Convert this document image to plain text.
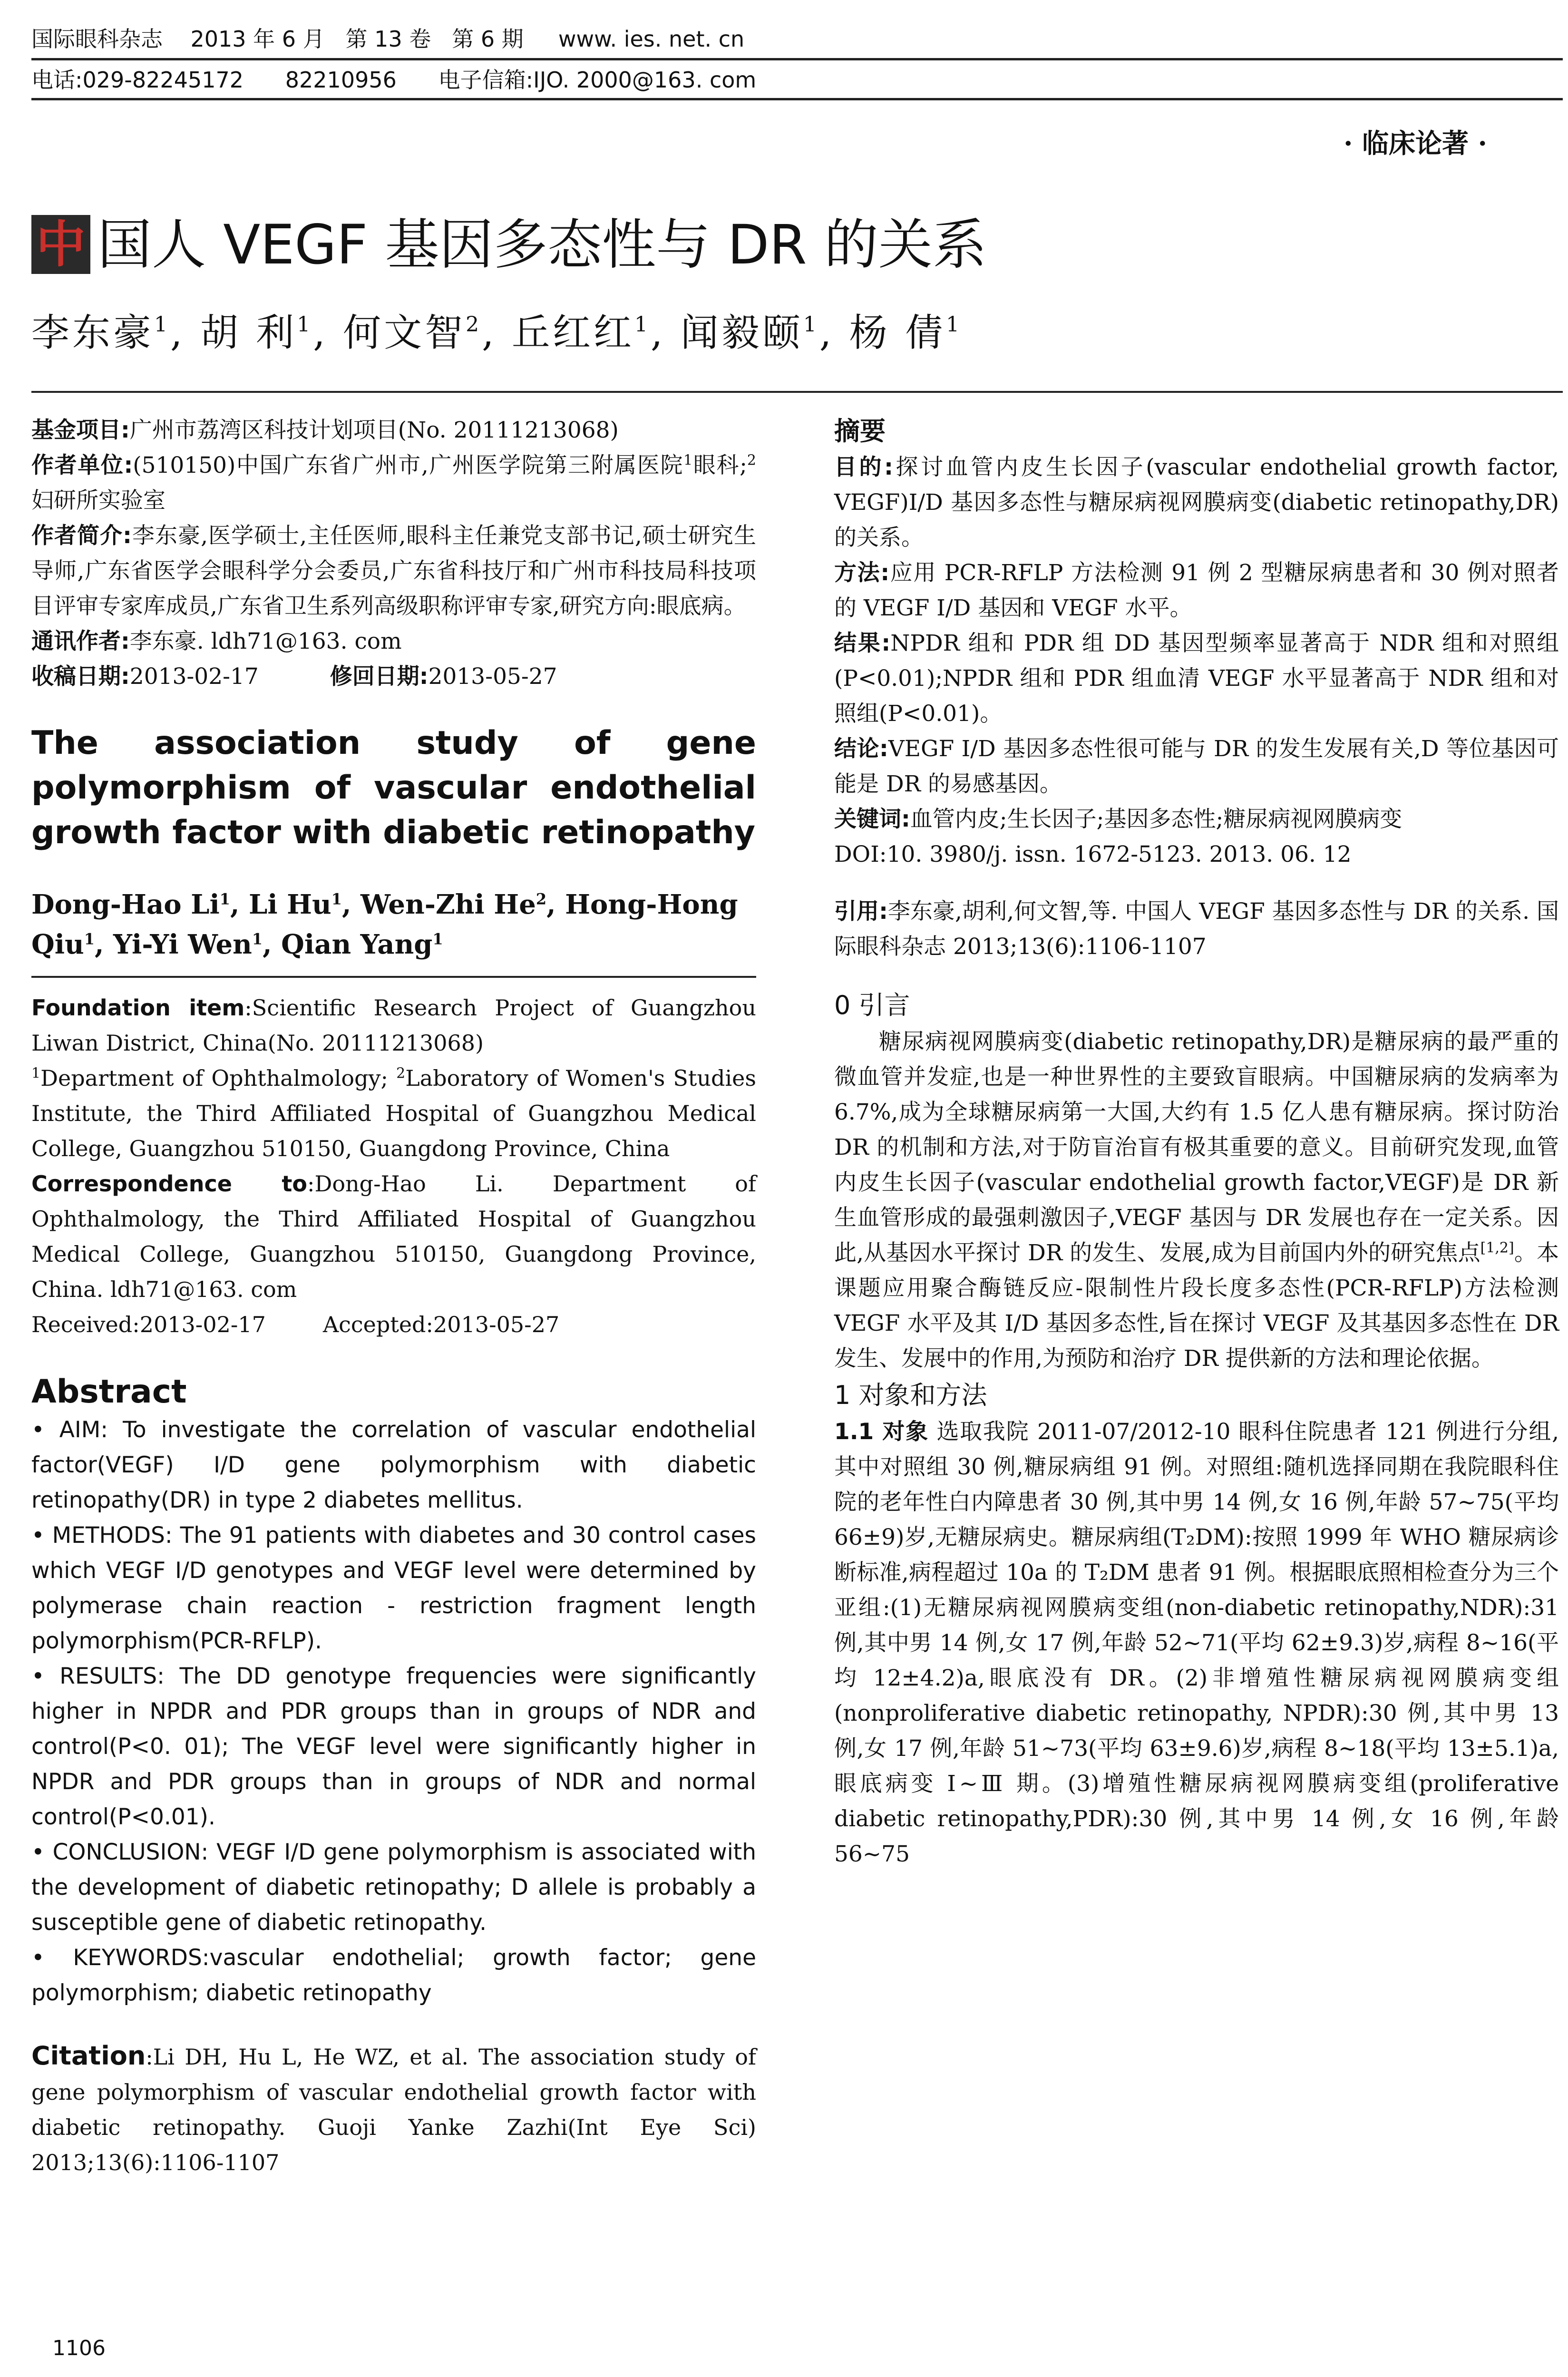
国际眼科杂志    2013 年 6 月   第 13 卷   第 6 期     www. ies. net. cn
电话:029-82245172      82210956      电子信箱:IJO. 2000@163. com
· 临床论著 ·
中 国人 VEGF 基因多态性与 DR 的关系
李东豪$^1$, 胡 利$^1$, 何文智$^2$, 丘红红$^1$, 闻毅颐$^1$, 杨 倩$^1$

基金项目:广州市荔湾区科技计划项目(No. 20111213068)

作者单位:(510150)中国广东省广州市,广州医学院第三附属医院$^1$眼科;$^2$妇研所实验室

作者简介:李东豪,医学硕士,主任医师,眼科主任兼党支部书记,硕士研究生导师,广东省医学会眼科学分会委员,广东省科技厅和广州市科技局科技项目评审专家库成员,广东省卫生系列高级职称评审专家,研究方向:眼底病。

通讯作者:李东豪. ldh71@163. com

收稿日期:2013-02-17	修回日期:2013-05-27

The association study of gene polymorphism of vascular endothelial growth factor with diabetic retinopathy
Dong-Hao Li$^1$, Li Hu$^1$, Wen-Zhi He$^2$, Hong-Hong Qiu$^1$, Yi-Yi Wen$^1$, Qian Yang$^1$

Foundation item:Scientific Research Project of Guangzhou Liwan District, China(No. 20111213068)

$^1$Department of Ophthalmology; $^2$Laboratory of Women's Studies Institute, the Third Affiliated Hospital of Guangzhou Medical College, Guangzhou 510150, Guangdong Province, China

Correspondence to:Dong-Hao Li. Department of Ophthalmology, the Third Affiliated Hospital of Guangzhou Medical College, Guangzhou 510150, Guangdong Province, China. ldh71@163. com

Received:2013-02-17	Accepted:2013-05-27

Abstract

• AIM: To investigate the correlation of vascular endothelial factor(VEGF) I/D gene polymorphism with diabetic retinopathy(DR) in type 2 diabetes mellitus.

• METHODS: The 91 patients with diabetes and 30 control cases which VEGF I/D genotypes and VEGF level were determined by polymerase chain reaction - restriction fragment length polymorphism(PCR-RFLP).

• RESULTS: The DD genotype frequencies were significantly higher in NPDR and PDR groups than in groups of NDR and control(P<0. 01); The VEGF level were significantly higher in NPDR and PDR groups than in groups of NDR and normal control(P<0.01).

• CONCLUSION: VEGF I/D gene polymorphism is associated with the development of diabetic retinopathy; D allele is probably a susceptible gene of diabetic retinopathy.

• KEYWORDS:vascular endothelial; growth factor; gene polymorphism; diabetic retinopathy

Citation:Li DH, Hu L, He WZ, et al. The association study of gene polymorphism of vascular endothelial growth factor with diabetic retinopathy. Guoji Yanke Zazhi(Int Eye Sci) 2013;13(6):1106-1107

摘要

目的:探讨血管内皮生长因子(vascular endothelial growth factor, VEGF)I/D 基因多态性与糖尿病视网膜病变(diabetic retinopathy,DR)的关系。

方法:应用 PCR-RFLP 方法检测 91 例 2 型糖尿病患者和 30 例对照者的 VEGF I/D 基因和 VEGF 水平。

结果:NPDR 组和 PDR 组 DD 基因型频率显著高于 NDR 组和对照组(P<0.01);NPDR 组和 PDR 组血清 VEGF 水平显著高于 NDR 组和对照组(P<0.01)。

结论:VEGF I/D 基因多态性很可能与 DR 的发生发展有关,D 等位基因可能是 DR 的易感基因。

关键词:血管内皮;生长因子;基因多态性;糖尿病视网膜病变

DOI:10. 3980/j. issn. 1672-5123. 2013. 06. 12

引用:李东豪,胡利,何文智,等. 中国人 VEGF 基因多态性与 DR 的关系. 国际眼科杂志 2013;13(6):1106-1107

0 引言

糖尿病视网膜病变(diabetic retinopathy,DR)是糖尿病的最严重的微血管并发症,也是一种世界性的主要致盲眼病。中国糖尿病的发病率为 6.7%,成为全球糖尿病第一大国,大约有 1.5 亿人患有糖尿病。探讨防治 DR 的机制和方法,对于防盲治盲有极其重要的意义。目前研究发现,血管内皮生长因子(vascular endothelial growth factor,VEGF)是 DR 新生血管形成的最强刺激因子,VEGF 基因与 DR 发展也存在一定关系。因此,从基因水平探讨 DR 的发生、发展,成为目前国内外的研究焦点[1,2]。本课题应用聚合酶链反应-限制性片段长度多态性(PCR-RFLP)方法检测 VEGF 水平及其 I/D 基因多态性,旨在探讨 VEGF 及其基因多态性在 DR 发生、发展中的作用,为预防和治疗 DR 提供新的方法和理论依据。

1 对象和方法

1.1 对象 选取我院 2011-07/2012-10 眼科住院患者 121 例进行分组,其中对照组 30 例,糖尿病组 91 例。对照组:随机选择同期在我院眼科住院的老年性白内障患者 30 例,其中男 14 例,女 16 例,年龄 57~75(平均 66±9)岁,无糖尿病史。糖尿病组(T₂DM):按照 1999 年 WHO 糖尿病诊断标准,病程超过 10a 的 T₂DM 患者 91 例。根据眼底照相检查分为三个亚组:(1)无糖尿病视网膜病变组(non-diabetic retinopathy,NDR):31 例,其中男 14 例,女 17 例,年龄 52~71(平均 62±9.3)岁,病程 8~16(平均 12±4.2)a,眼底没有 DR。(2)非增殖性糖尿病视网膜病变组(nonproliferative diabetic retinopathy, NPDR):30 例,其中男 13 例,女 17 例,年龄 51~73(平均 63±9.6)岁,病程 8~18(平均 13±5.1)a,眼底病变 Ⅰ~Ⅲ 期。(3)增殖性糖尿病视网膜病变组(proliferative diabetic retinopathy,PDR):30 例,其中男 14 例,女 16 例,年龄 56~75

1106
